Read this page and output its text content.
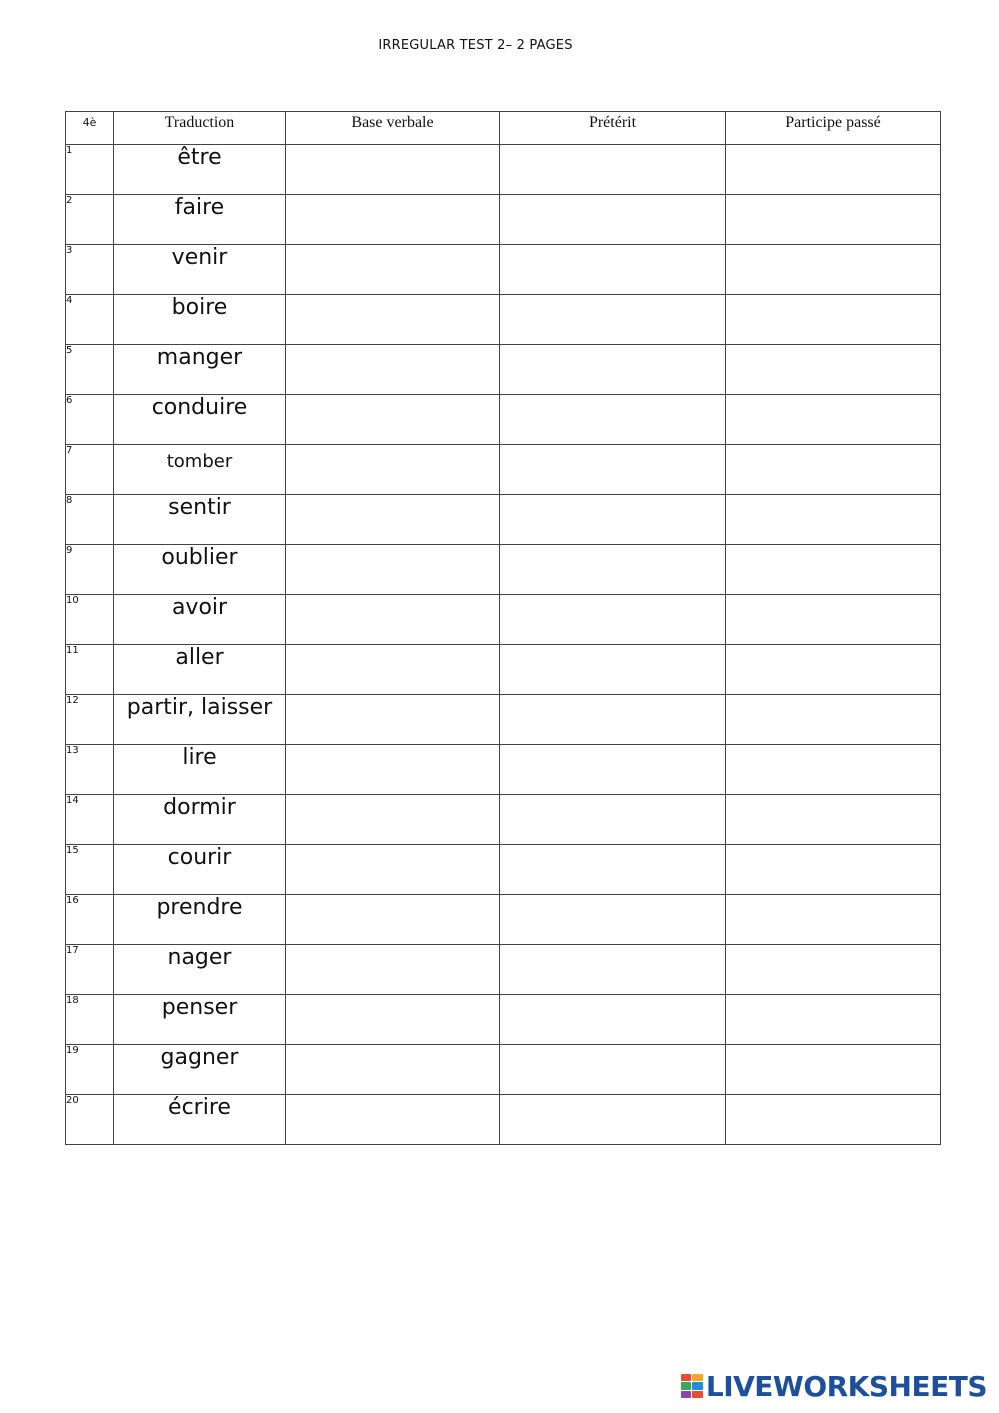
IRREGULAR TEST 2– 2 PAGES
4è	Traduction	Base verbale	Prétérit	Participe passé
1	être			
2	faire			
3	venir			
4	boire			
5	manger			
6	conduire			
7	tomber			
8	sentir			
9	oublier			
10	avoir			
11	aller			
12	partir, laisser			
13	lire			
14	dormir			
15	courir			
16	prendre			
17	nager			
18	penser			
19	gagner			
20	écrire			
LIVEWORKSHEETS
